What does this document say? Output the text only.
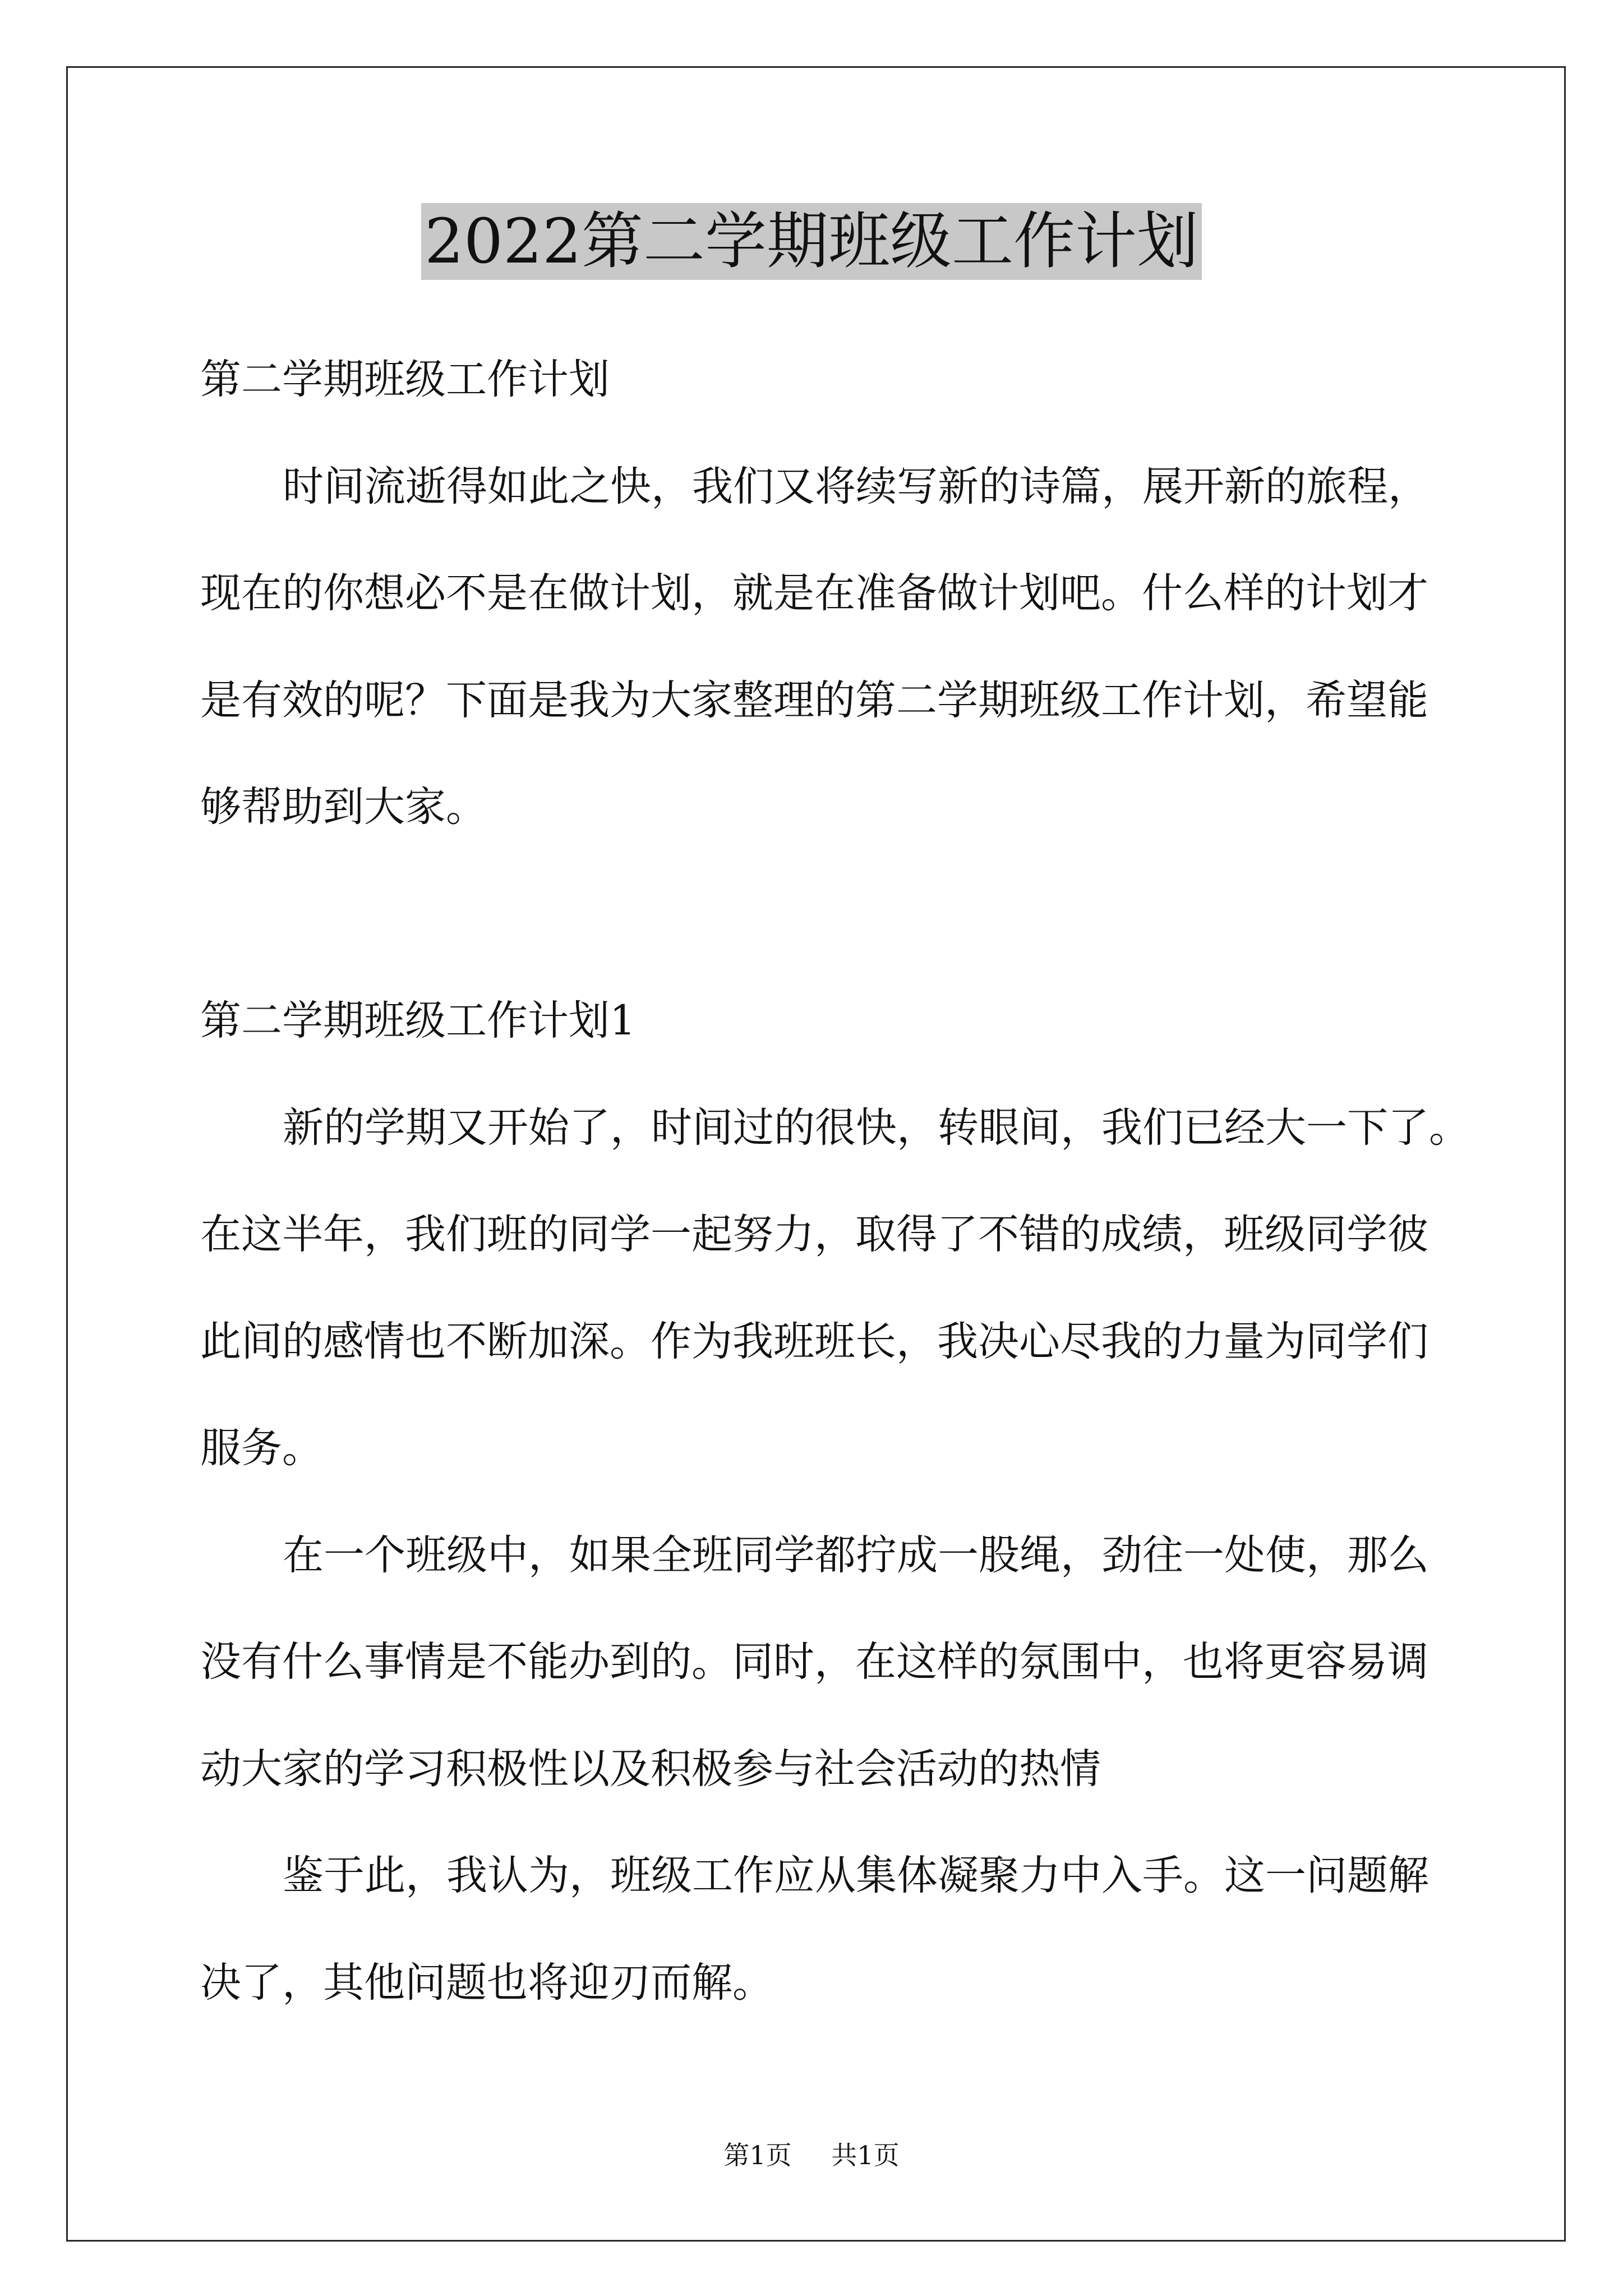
2022第二学期班级工作计划

第二学期班级工作计划

时间流逝得如此之快，我们又将续写新的诗篇，展开新的旅程，
现在的你想必不是在做计划，就是在准备做计划吧。什么样的计划才
是有效的呢？下面是我为大家整理的第二学期班级工作计划，希望能
够帮助到大家。

第二学期班级工作计划1

新的学期又开始了，时间过的很快，转眼间，我们已经大一下了。
在这半年，我们班的同学一起努力，取得了不错的成绩，班级同学彼
此间的感情也不断加深。作为我班班长，我决心尽我的力量为同学们
服务。
在一个班级中，如果全班同学都拧成一股绳，劲往一处使，那么
没有什么事情是不能办到的。同时，在这样的氛围中，也将更容易调
动大家的学习积极性以及积极参与社会活动的热情
鉴于此，我认为，班级工作应从集体凝聚力中入手。这一问题解
决了，其他问题也将迎刃而解。
第1页 共1页
